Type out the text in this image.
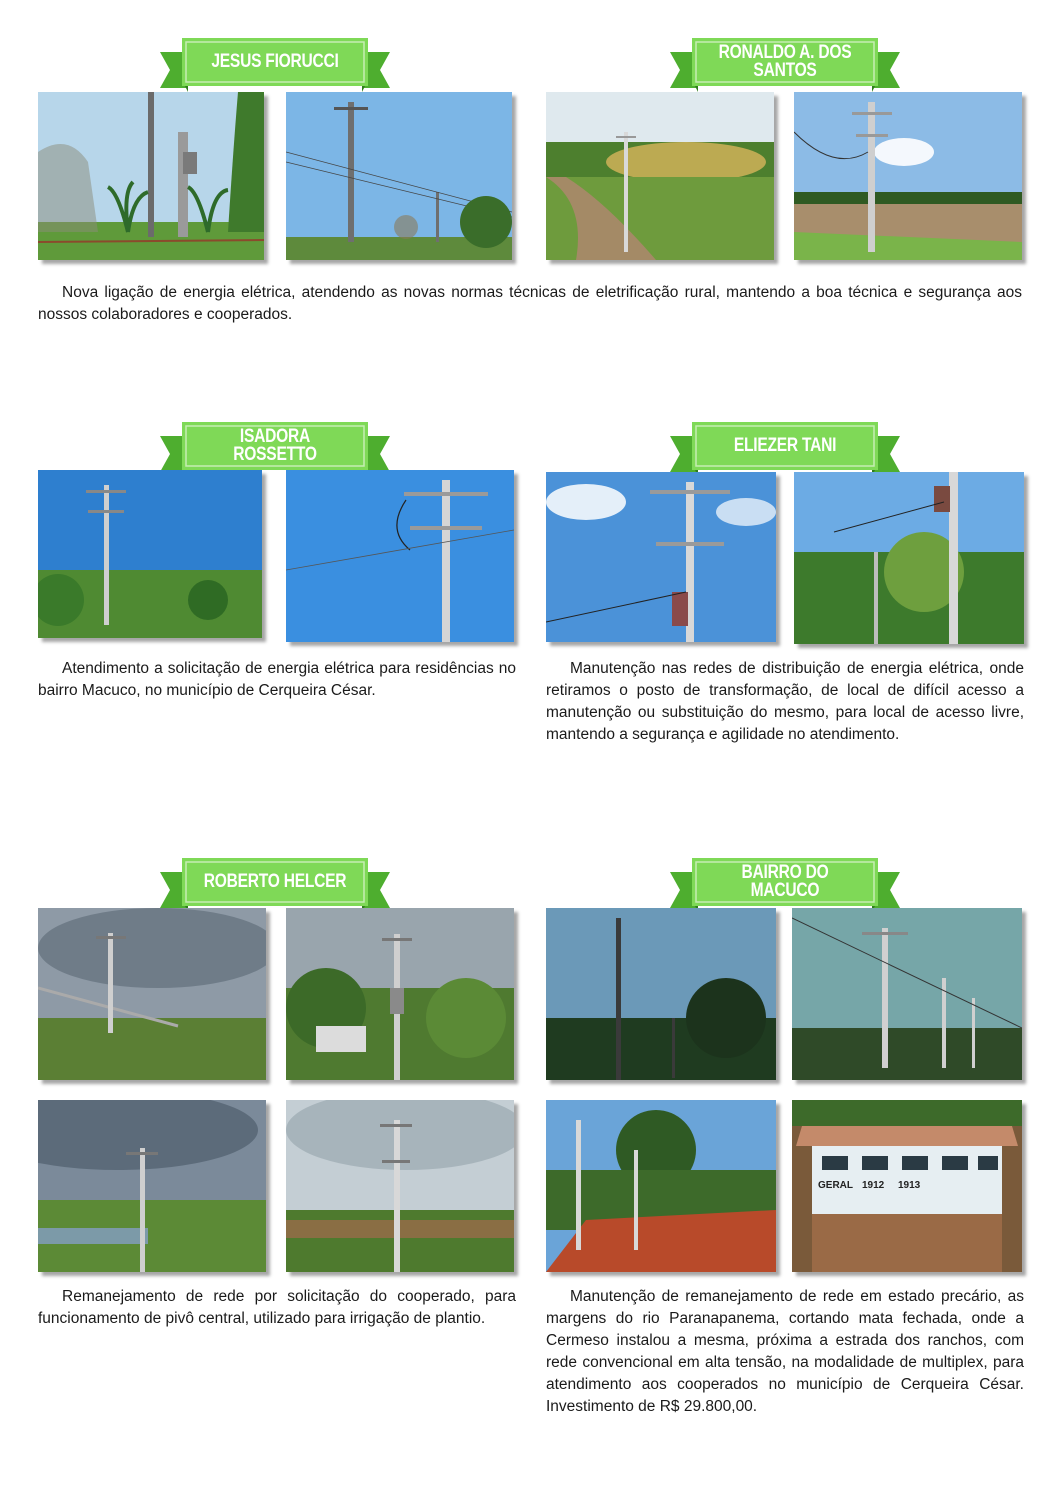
JESUS FIORUCCI	RONALDO A. DOS SANTOS
ISADORA ROSSETTO	ELIEZER TANI
ROBERTO HELCER	BAIRRO DO MACUCO

Nova ligação de energia elétrica, atendendo as novas normas técnicas de eletrificação rural, mantendo a boa técnica e segurança aos nossos colaboradores e cooperados.

Atendimento a solicitação de energia elétrica para residências no bairro Macuco, no município de Cerqueira César.

Manutenção nas redes de distribuição de energia elétrica, onde retiramos o posto de transformação, de local de difícil acesso a manutenção ou substituição do mesmo, para local de acesso livre, mantendo a segurança e agilidade no atendimento.

GERAL 1912 1913

Remanejamento de rede por solicitação do cooperado, para funcionamento de pivô central, utilizado para irrigação de plantio.

Manutenção de remanejamento de rede em estado precário, as margens do rio Paranapanema, cortando mata fechada, onde a Cermeso instalou a mesma, próxima a estrada dos ranchos, com rede convencional em alta tensão, na modalidade de multiplex, para atendimento aos cooperados no município de Cerqueira César. Investimento de R$ 29.800,00.
